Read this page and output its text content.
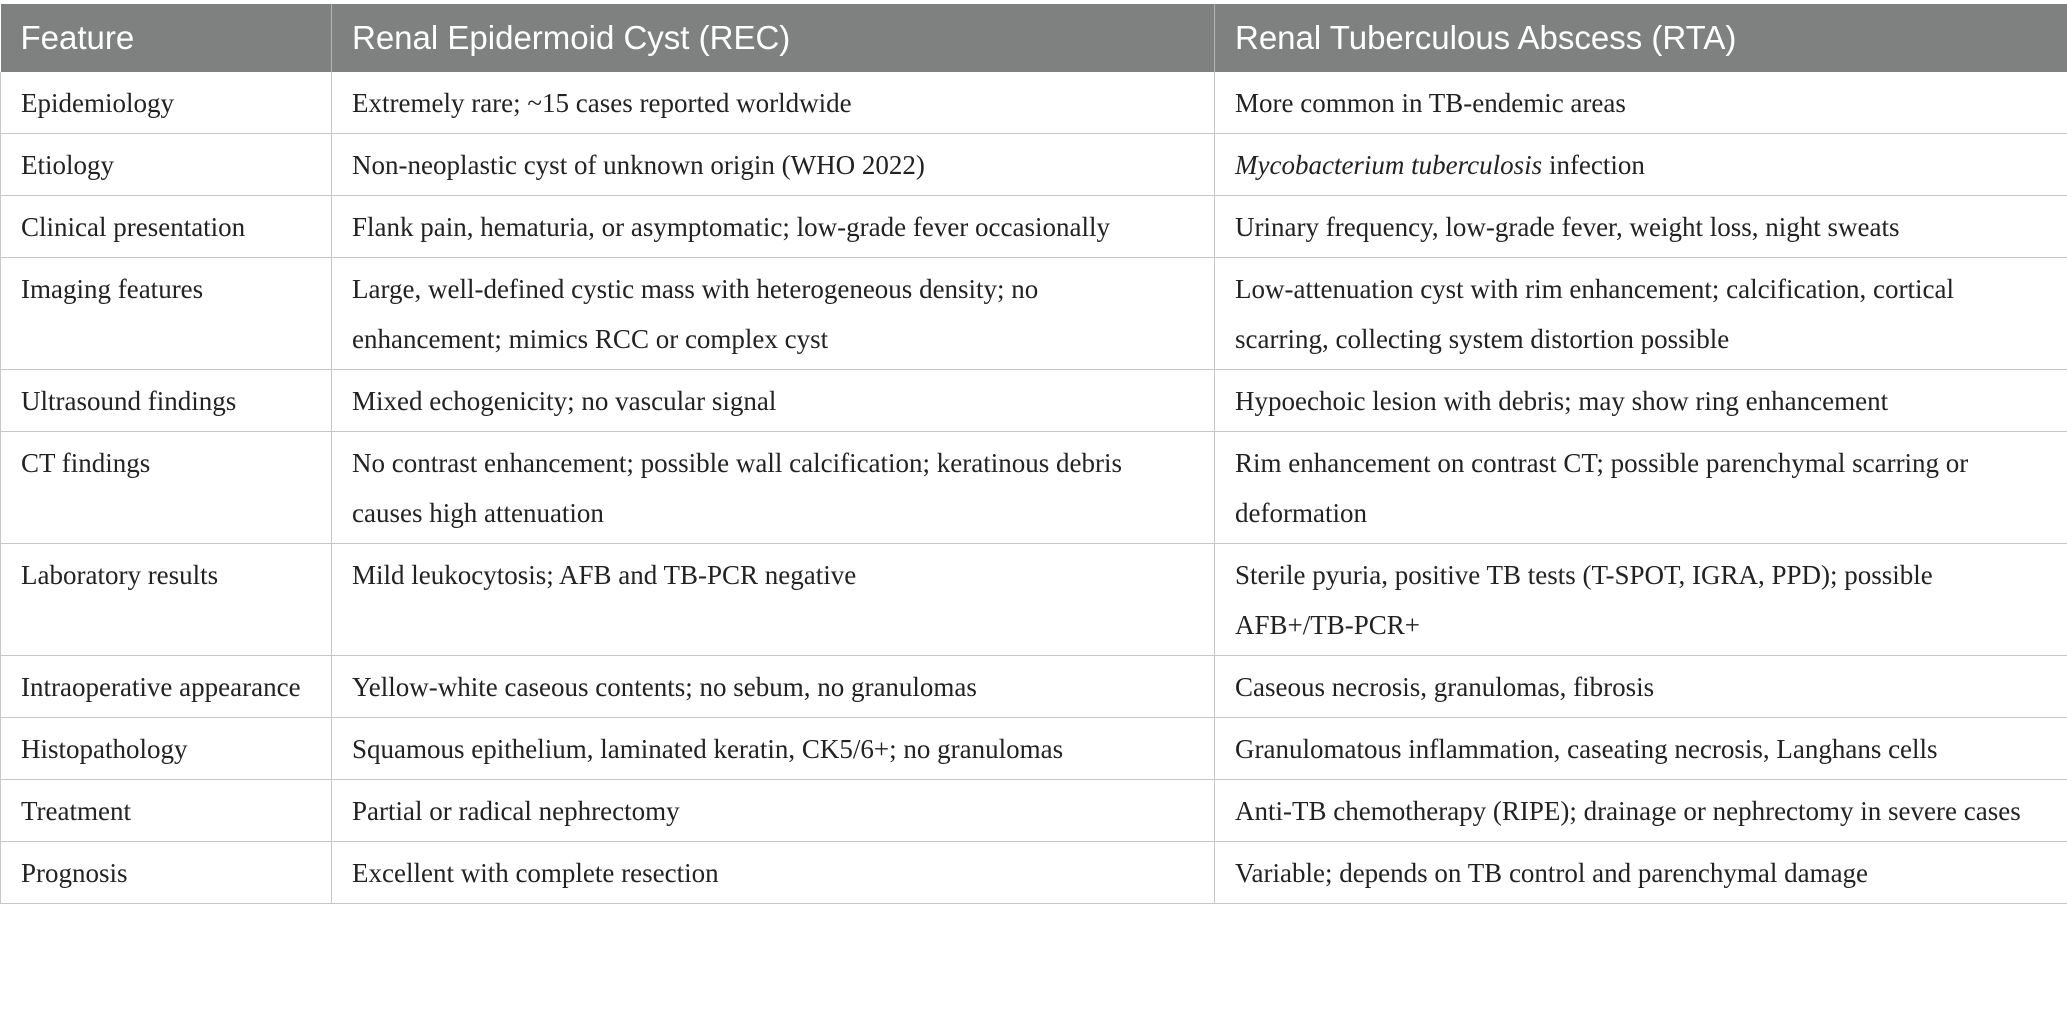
Feature	Renal Epidermoid Cyst (REC)	Renal Tuberculous Abscess (RTA)
Epidemiology	Extremely rare; ~15 cases reported worldwide	More common in TB-endemic areas
Etiology	Non-neoplastic cyst of unknown origin (WHO 2022)	Mycobacterium tuberculosis infection
Clinical presentation	Flank pain, hematuria, or asymptomatic; low-grade fever occasionally	Urinary frequency, low-grade fever, weight loss, night sweats
Imaging features	Large, well-defined cystic mass with heterogeneous density; no enhancement; mimics RCC or complex cyst	Low-attenuation cyst with rim enhancement; calcification, cortical scarring, collecting system distortion possible
Ultrasound findings	Mixed echogenicity; no vascular signal	Hypoechoic lesion with debris; may show ring enhancement
CT findings	No contrast enhancement; possible wall calcification; keratinous debris causes high attenuation	Rim enhancement on contrast CT; possible parenchymal scarring or deformation
Laboratory results	Mild leukocytosis; AFB and TB-PCR negative	Sterile pyuria, positive TB tests (T-SPOT, IGRA, PPD); possible AFB+/TB-PCR+
Intraoperative appearance	Yellow-white caseous contents; no sebum, no granulomas	Caseous necrosis, granulomas, fibrosis
Histopathology	Squamous epithelium, laminated keratin, CK5/6+; no granulomas	Granulomatous inflammation, caseating necrosis, Langhans cells
Treatment	Partial or radical nephrectomy	Anti-TB chemotherapy (RIPE); drainage or nephrectomy in severe cases
Prognosis	Excellent with complete resection	Variable; depends on TB control and parenchymal damage
